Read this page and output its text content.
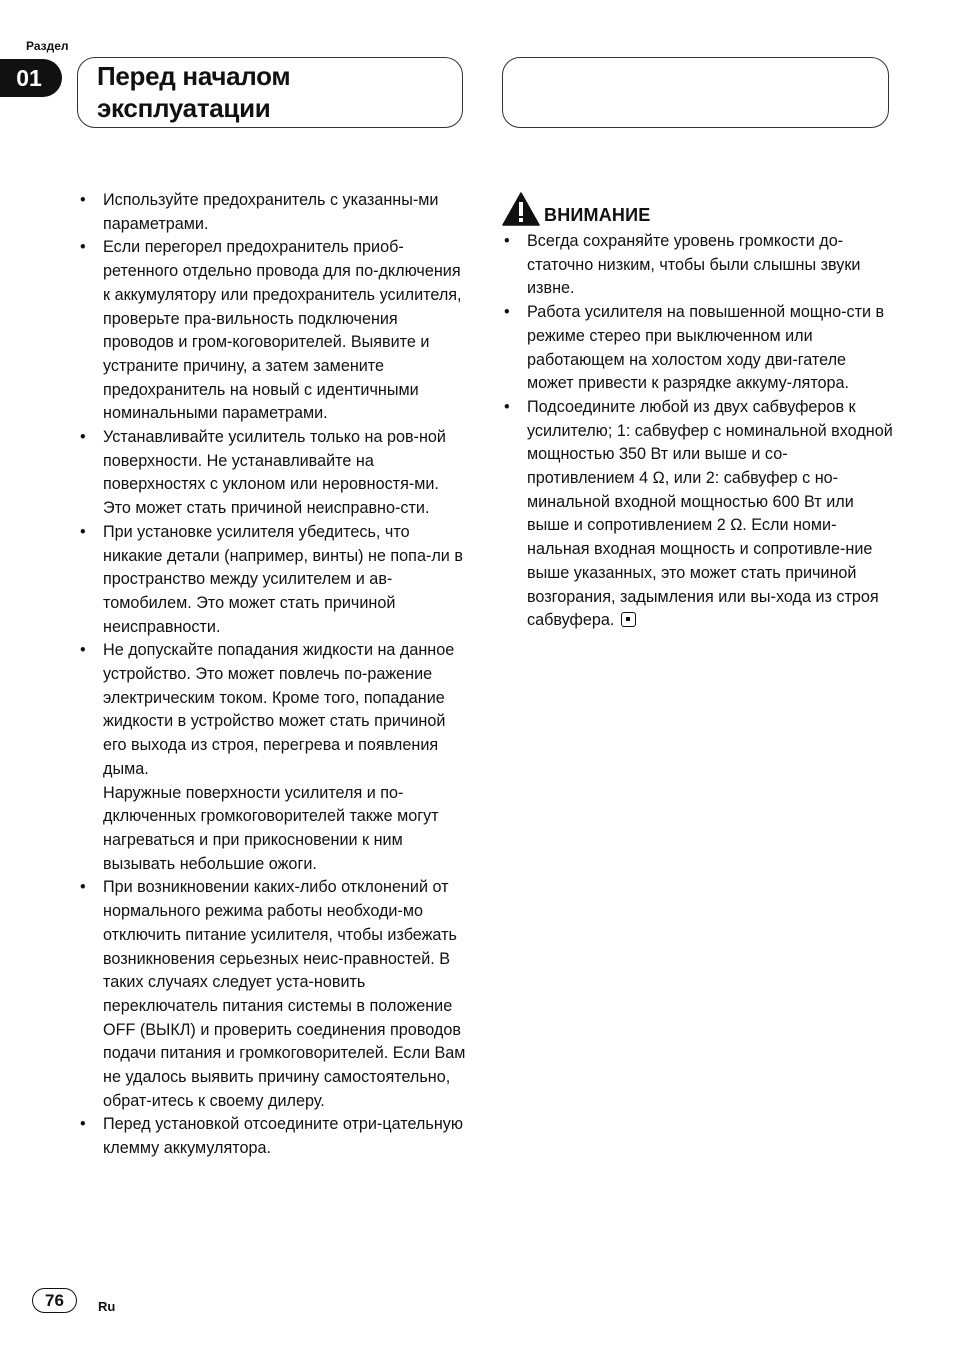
Раздел
01	Перед началом
эксплуатации
• Используйте предохранитель с указанны-ми параметрами.
• Если перегорел предохранитель приоб-ретенного отдельно провода для по-дключения к аккумулятору или предохранитель усилителя, проверьте пра-вильность подключения проводов и гром-коговорителей. Выявите и устраните причину, а затем замените предохранитель на новый с идентичными номинальными параметрами.
• Устанавливайте усилитель только на ров-ной поверхности. Не устанавливайте на поверхностях с уклоном или неровностя-ми. Это может стать причиной неисправно-сти.
• При установке усилителя убедитесь, что никакие детали (например, винты) не попа-ли в пространство между усилителем и ав-томобилем. Это может стать причиной неисправности.
• Не допускайте попадания жидкости на данное устройство. Это может повлечь по-ражение электрическим током. Кроме того, попадание жидкости в устройство может стать причиной его выхода из строя, перегрева и появления дыма.
Наружные поверхности усилителя и по-дключенных громкоговорителей также могут нагреваться и при прикосновении к ним вызывать небольшие ожоги.
• При возникновении каких-либо отклонений от нормального режима работы необходи-мо отключить питание усилителя, чтобы избежать возникновения серьезных неис-правностей. В таких случаях следует уста-новить переключатель питания системы в положение OFF (ВЫКЛ) и проверить соединения проводов подачи питания и громкоговорителей. Если Вам не удалось выявить причину самостоятельно, обрат-итесь к своему дилеру.
• Перед установкой отсоедините отри-цательную клемму аккумулятора.
ВНИМАНИЕ
• Всегда сохраняйте уровень громкости до-статочно низким, чтобы были слышны звуки извне.
• Работа усилителя на повышенной мощно-сти в режиме стерео при выключенном или работающем на холостом ходу дви-гателе может привести к разрядке аккуму-лятора.
• Подсоедините любой из двух сабвуферов к усилителю; 1: сабвуфер с номинальной входной мощностью 350 Вт или выше и со-противлением 4 Ω, или 2: сабвуфер с но-минальной входной мощностью 600 Вт или выше и сопротивлением 2 Ω. Если номи-нальная входная мощность и сопротивле-ние выше указанных, это может стать причиной возгорания, задымления или вы-хода из строя сабвуфера.
76	Ru
